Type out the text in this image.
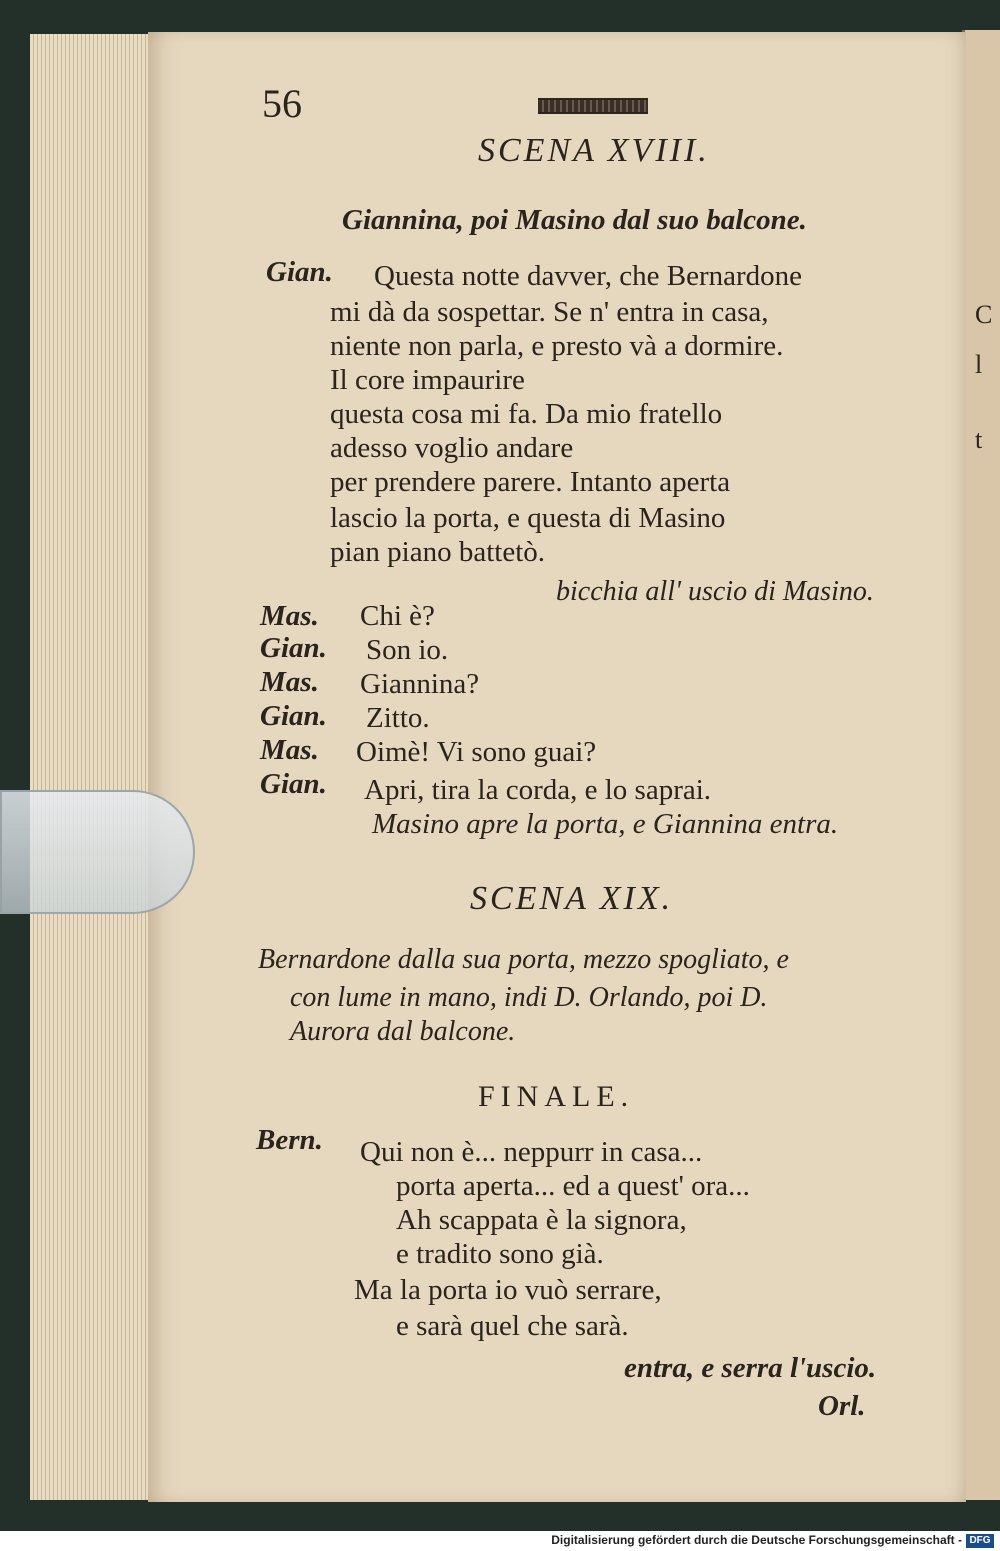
C
l
t
56
SCENA XVIII.
Giannina, poi Masino dal suo balcone.
Gian. Questa notte davver, che Bernardone
mi dà da sospettar. Se n' entra in casa,
niente non parla, e presto và a dormire.
Il core impaurire
questa cosa mi fa. Da mio fratello
adesso voglio andare
per prendere parere. Intanto aperta
lascio la porta, e questa di Masino
pian piano battetò.
bicchia all' uscio di Masino.
Mas. Chi è?
Gian. Son io.
Mas. Giannina?
Gian. Zitto.
Mas. Oimè! Vi sono guai?
Gian. Apri, tira la corda, e lo saprai.
Masino apre la porta, e Giannina entra.
SCENA XIX.
Bernardone dalla sua porta, mezzo spogliato, e
con lume in mano, indi D. Orlando, poi D.
Aurora dal balcone.
FINALE.
Bern. Qui non è... neppurr in casa...
porta aperta... ed a quest' ora...
Ah scappata è la signora,
e tradito sono già.
Ma la porta io vuò serrare,
e sarà quel che sarà.
entra, e serra l'uscio.
Orl.
Digitalisierung gefördert durch die Deutsche Forschungsgemeinschaft - DFG
